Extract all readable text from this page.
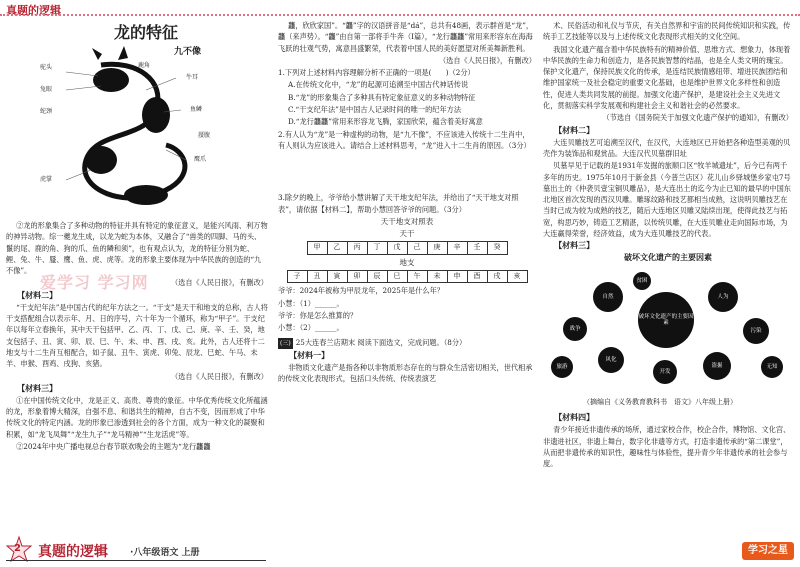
真题的逻辑
龙的特征
九不像
驼头	鹿角
兔眼
蛇颈
牛耳
鱼鳞
鹰爪
虎掌
蜃腹

②龙的形象集合了多种动物的特征并具有特定的象征意义，是能兴风雨、利万物的神异动物。综一夔龙生成，以龙为蛇为本体，又融合了“兽类的四脚、马的头、鬣的尾、鹿的角、狗的爪、鱼的鳞和须”，也有观点认为，龙的特征分别为蛇、鲤、兔、牛、蜃、鹰、鱼、虎、虎等。龙的形象主要体现为中华民族的创造的“九不像”。

（选自《人民日报》，有删改）

【材料二】

“干支纪年法”是中国古代的纪年方法之一。“干支”是天干和地支的总称，古人将干支搭配组合以表示年、月、日的序号，六十年为一个循环，称为“甲子”。干支纪年以每年立春换年，其中天干包括甲、乙、丙、丁、戊、己、庚、辛、壬、癸，地支包括子、丑、寅、卯、辰、巳、午、未、申、酉、戌、亥。此外，古人还将十二地支与十二生肖互相配合，如子鼠、丑牛、寅虎、卯兔、辰龙、巳蛇、午马、未羊、申猴、酉鸡、戌狗、亥猪。

（选自《人民日报》，有删改）

【材料三】

①在中国传统文化中，龙是正义、高贵、尊贵的象征。中华优秀传统文化所蕴涵的龙，形象着博大精深，自强不息、和谐共生的精神，自古不变，因而形成了中华传统文化的特定内涵。龙的形象已渗透到社会的各个方面，成为一种文化的凝聚和积累，如“龙飞凤舞”“龙生九子”“龙马精神”“生龙活虎”等。

②2024年中央广播电视总台春节联欢晚会的主题为“龙行龘龘

爱学习 学习网

龘，欣欣家国”。“龘”字的汉语拼音是“dá”，总共有48画，表示群首是“龙”，龘（来声势）。“龘”由自第一部将手牛奔（I篇），“龙行龘龘”常用来形容东在海海飞跃的壮观气势，寓意昌盛繁荣，代表着中国人民的美好愿望对所美舞新胜利。

（选自《人民日报》，有删改）

1.下列对上述材料内容理解分析不正确的一项是(　　)（2分）

A.在传统文化中，“龙”的起源可追溯至中国古代神话传说

B.“龙”的形象集合了多种具有特定象征意义的多种动物特征

C.“干支纪年法”是中国古人记录时间的唯一的纪年方法

D.“龙行龘龘”常用来形容龙飞腾，家国欣荣，蕴含着美好寓意

2.有人认为“龙”是一种虚构的动物，是“九不像”，不应该进入传统十二生肖中，有人则认为应该进入。请结合上述材料思考，“龙”进入十二生肖的原因。（3分）

3.除夕的晚上，爷爷给小慧讲解了天干地支纪年法，并给出了“天干地支对照表”，请依据【材料二】，帮助小慧回答爷爷的问题。（3分）

天干地支对照表

天干

甲	乙	丙	丁	戊	己	庚	辛	壬	癸

地支

子	丑	寅	卯	辰	巳	午	未	申	酉	戌	亥

爷爷：2024年被称为甲辰龙年，2025年是什么年？

小慧：（1）______。

爷爷：你是怎么推算的？

小慧：（2）______。

(三) 25大连春兰店期末 阅读下面选文，完成问题。（8分）

【材料一】

非物质文化遗产是指各种以非物质形态存在的与群众生活密切相关，世代相承的传统文化表现形式，包括口头传统、传统表演艺

术、民俗活动和礼仪与节庆，有关自然界和宇宙的民间传统知识和实践，传统手工艺技能等以及与上述传统文化表现形式相关的文化空间。

我国文化遗产蕴含着中华民族特有的精神价值、思维方式、想象力，体现着中华民族的生命力和创造力，是各民族智慧的结晶，也是全人类文明的瑰宝。保护文化遗产，保持民族文化的传承，是连结民族情感纽带、增进民族团结和维护国家统一及社会稳定的重要文化基础，也是维护世界文化多样性和创造性，促进人类共同发展的前提。加强文化遗产保护，是建设社会主义先进文化，贯彻落实科学发展观和构建社会主义和谐社会的必然要求。

（节选自《国务院关于加强文化遗产保护的通知》，有删改）

【材料二】

大连贝雕技艺可追溯至汉代，在汉代，大连地区已开始把各种造型美观的贝壳作为装饰品和观赏品。大连汉代贝墓群旧址

贝墓早见于记载的是1931年发掘的旅顺口区“牧羊城遗址”，后今已有两千多年的历史。1975年10月于新金县（今普兰店区）花儿山乡驿城堡乡家屯7号墓出土的《仲袭贝壹宝铜贝雕品》，是大连出土的迄今为止已知的最早的中国东北地区首次发现的西汉贝雕。雕琢纹路和技艺都相当成熟，这说明贝雕技艺在当时已成为较为成熟的技艺，随后大连地区贝雕又陆续出现，使得此技艺与拓宽，构思巧妙，铸造工艺精湛，以传统贝雕，在大连贝雕业走向国际市场，为大连赢得荣誉，经济效益，成为大连贝雕技艺的代表。

【材料三】

破坏文化遗产的主要因素
破坏文化遗产的主要因素
自然	人为
战争	污染
风化
盗掘
开发
旅游	无知
贫困
（摘编自《义务教育教科书　语文》八年级上册）

【材料四】

青少年接近非遗传承的场所，通过家校合作，校企合作，博物馆、文化宫、非遗进社区，非遗上舞台，数字化非遗等方式，打造非遗传承的“第二课堂”，从而把非遗传承的知识性，趣味性与体验性，提升青少年非遗传承的社会参与度。

2 真题的逻辑 ·八年级语文 上册	学习之星
